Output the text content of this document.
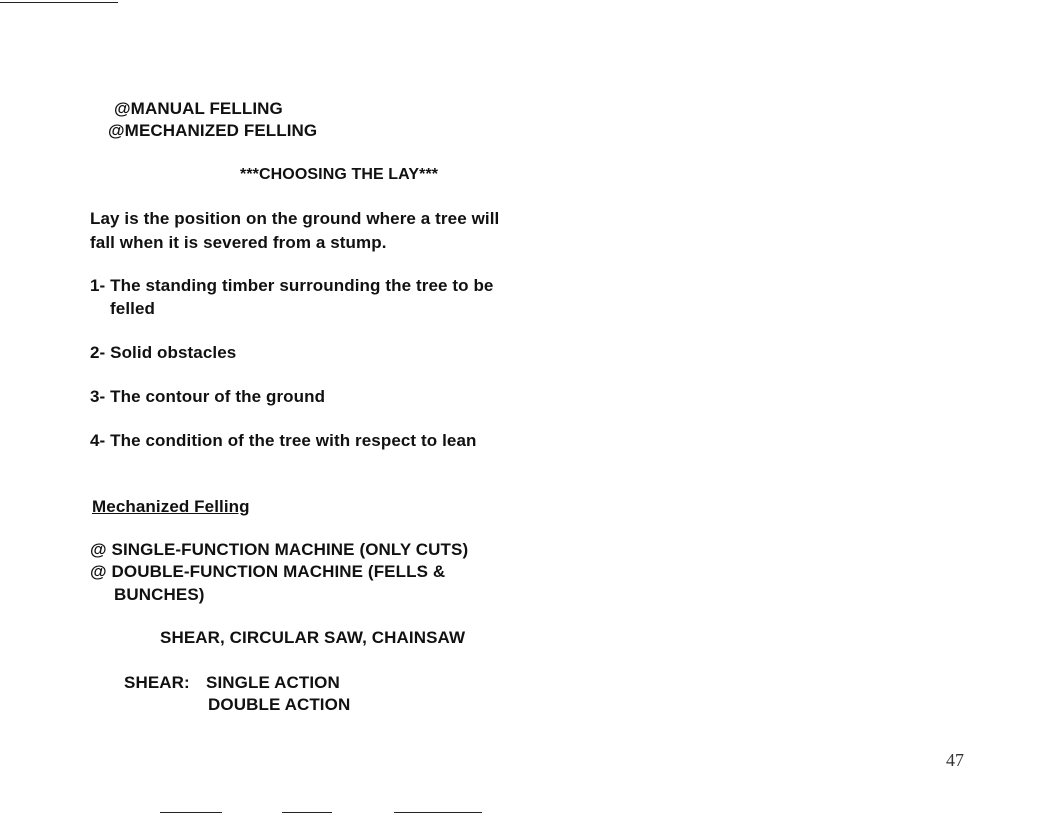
@MANUAL FELLING
@MECHANIZED FELLING
***CHOOSING THE LAY***
Lay is the position on the ground where a tree will
fall when it is severed from a stump.
1- The standing timber surrounding the tree to be
felled
2- Solid obstacles
3- The contour of the ground
4- The condition of the tree with respect to lean
Mechanized Felling
@ SINGLE-FUNCTION MACHINE (ONLY CUTS)
@ DOUBLE-FUNCTION MACHINE (FELLS &
BUNCHES)
SHEAR, CIRCULAR SAW, CHAINSAW
SHEAR: SINGLE ACTION
DOUBLE ACTION
47
